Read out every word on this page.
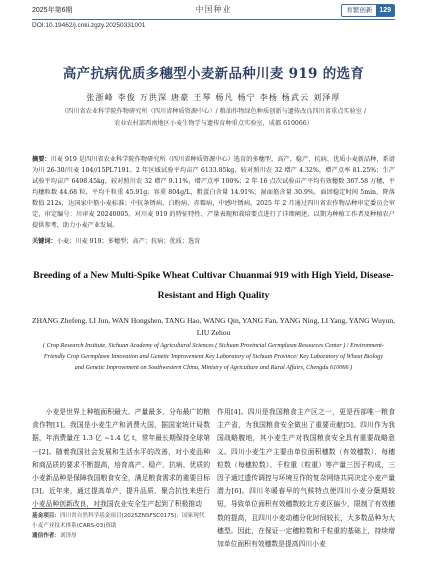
2025年第6期	中国种业	育繁创新	129
DOI:10.19462/j.cnki.zgzy.20250331001
高产抗病优质多穗型小麦新品种川麦 919 的选育
张浙峰 李俊 万洪深 唐豪 王琴 杨凡 杨宁 李杨 杨武云 刘泽厚
（四川省农业科学院作物研究所（四川省种质资源中心）/ 粮油作物绿色种质创新与遗传改良四川省重点实验室 /
农业农村部西南地区小麦生物学与遗传育种重点实验室，成都 610066）
摘要：川麦 919 是四川省农业科学院作物研究所（四川省种质资源中心）选育的多穗型、高产、稳产、抗病、优质小麦新品种，系谱为川 26-30/川麦 104//15PL7191。2 年区域试验平均亩产 6133.85kg，较对照川农 32 增产 4.32%，增产点率 81.25%；生产试验平均亩产 6498.45kg，较对照川农 32 增产 9.11%，增产点率 100%；2 年 16 点次试验亩产平均有效穗数 367.58 万穗，平均穗粒数 44.68 粒，平均千粒重 45.91g；容重 804g/L，粗蛋白含量 14.91%，湿面筋含量 30.9%，面团稳定时间 5min，降落数值 212s，达国家中筋小麦标准；中抗条锈病、白粉病、赤霉病，中感叶锈病。2025 年 2 月通过四川省农作物品种审定委员会审定，审定编号：川审麦 20240005。对川麦 919 的特征特性、产量表现和栽培要点进行了详细阐述，以期为种植工作者及种植农户提供参考，助力小麦产业发展。
关键词：小麦；川麦 919；多穗型；高产；抗病；优质；选育
Breeding of a New Multi-Spike Wheat Cultivar Chuanmai 919 with High Yield, Disease-Resistant and High Quality
ZHANG Zhefeng, LI Jun, WAN Hongshen, TANG Hao, WANG Qin, YANG Fan, YANG Ning, LI Yang, YANG Wuyun, LIU Zehou
( Crop Research Institute, Sichuan Academy of Agricultural Sciences ( Sichuan Provincial Germplasm Resources Center ) / Environment-Friendly Crop Germplasm Innovation and Genetic Improvement Key Laboratory of Sichuan Province/ Key Laboratory of Wheat Biology and Genetic Improvement on Southwestern China, Ministry of Agriculture and Rural Affairs, Chengdu 610066 )
小麦是世界上种植面积最大、产量最多、分布最广的粮食作物[1]。我国是小麦生产和消费大国，据国家统计局数据，年消费量在 1.3 亿 ~1.4 亿 t，常年最长期保持全球第一[2]。随着我国社会发展和生活水平的改善，对小麦品种和商品质的要求不断提高，培育高产、稳产、抗病、优质的小麦新品种是保障我国粮食安全，满足粮食需求的重要目标[3]。近年来，通过提高单产，提升品质、聚合抗性来进行小麦品种创新改良，对我国农业安全生产起到了积极推动
作用[4]。四川是我国粮食主产区之一，更是西部唯一粮食主产省，为我国粮食安全做出了重要贡献[5]。四川作为我国战略腹地，其小麦生产对我国粮食安全具有重要战略意义。四川小麦生产主要由单位面积穗数（有效穗数）、每穗粒数（每穗粒数）、千粒重（粒重）等产量三因子构成，三因子通过遗传调控与环境互作的复杂网络共同决定小麦产量潜力[6]。四川冬暖春早的气候特点使四川小麦分蘖期较短，导致单位面积有效穗数较北方麦区偏少，限制了有效穗数的提高，且四川小麦动穗分化时间较长，大多数品种为大穗型。因此，在保证一定穗粒数和千粒重的基础上，持续增加单位面积有效穗数是提高四川小麦
基金项目：四川省自然科学基金项目(2025ZNSFSC0175)；国家现代小麦产业技术体系(CARS-03)资助
通信作者：刘泽厚
